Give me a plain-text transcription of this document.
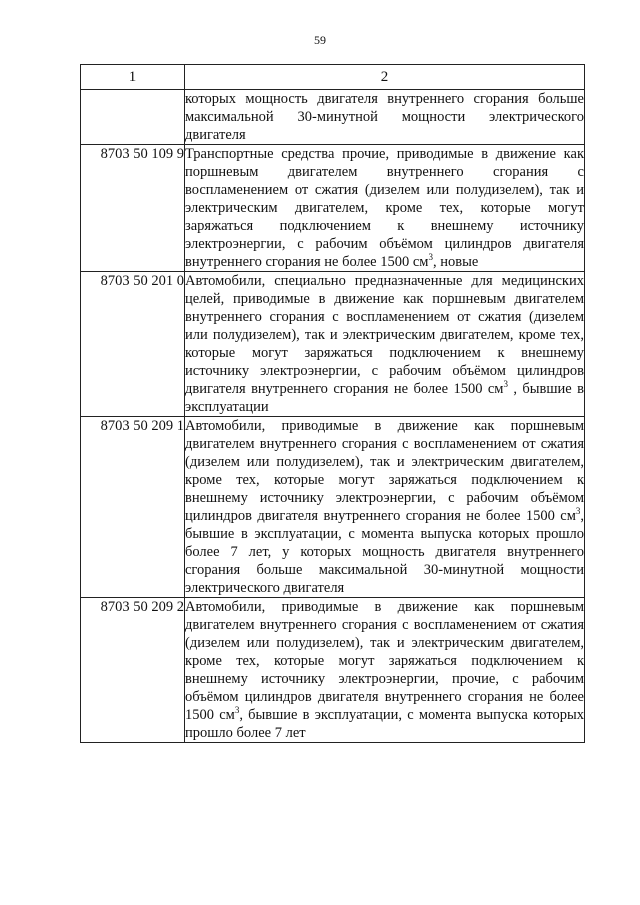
59
1	2
	которых мощность двигателя внутреннего сгорания больше максимальной 30-минутной мощности электрического двигателя
8703 50 109 9	Транспортные средства прочие, приводимые в движение как поршневым двигателем внутреннего сгорания с воспламенением от сжатия (дизелем или полудизелем), так и электрическим двигателем, кроме тех, которые могут заряжаться подключением к внешнему источнику электроэнергии, с рабочим объёмом цилиндров двигателя внутреннего сгорания не более 1500 $см^3$, новые
8703 50 201 0	Автомобили, специально предназначенные для медицинских целей, приводимые в движение как поршневым двигателем внутреннего сгорания с воспламенением от сжатия (дизелем или полудизелем), так и электрическим двигателем, кроме тех, которые могут заряжаться подключением к внешнему источнику электроэнергии, с рабочим объёмом цилиндров двигателя внутреннего сгорания не более 1500 $см^3$ , бывшие в эксплуатации
8703 50 209 1	Автомобили, приводимые в движение как поршневым двигателем внутреннего сгорания с воспламенением от сжатия (дизелем или полудизелем), так и электрическим двигателем, кроме тех, которые могут заряжаться подключением к внешнему источнику электроэнергии, с рабочим объёмом цилиндров двигателя внутреннего сгорания не более 1500 $см^3$, бывшие в эксплуатации, с момента выпуска которых прошло более 7 лет, у которых мощность двигателя внутреннего сгорания больше максимальной 30-минутной мощности электрического двигателя
8703 50 209 2	Автомобили, приводимые в движение как поршневым двигателем внутреннего сгорания с воспламенением от сжатия (дизелем или полудизелем), так и электрическим двигателем, кроме тех, которые могут заряжаться подключением к внешнему источнику электроэнергии, прочие, с рабочим объёмом цилиндров двигателя внутреннего сгорания не более 1500 $см^3$, бывшие в эксплуатации, с момента выпуска которых прошло более 7 лет
